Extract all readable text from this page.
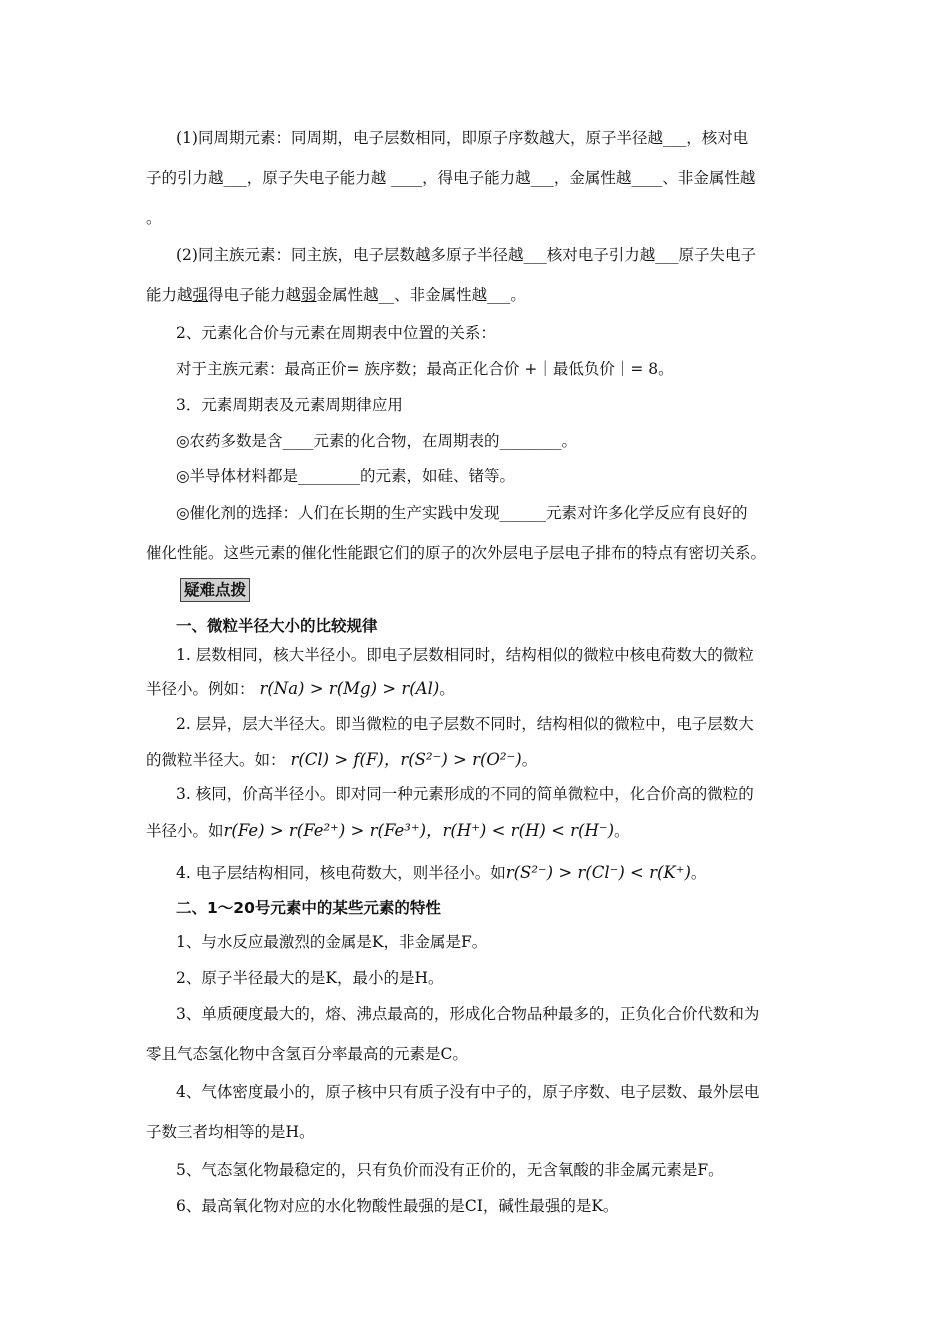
(1)同周期元素：同周期，电子层数相同，即原子序数越大，原子半径越___，核对电
子的引力越___，原子失电子能力越 ____，得电子能力越___，金属性越____、非金属性越
。
(2)同主族元素：同主族，电子层数越多原子半径越___核对电子引力越___原子失电子
能力越强得电子能力越弱金属性越__、非金属性越___。
2、元素化合价与元素在周期表中位置的关系：
对于主族元素：最高正价= 族序数；最高正化合价 +｜最低负价｜= 8。
3．元素周期表及元素周期律应用
◎农药多数是含____元素的化合物，在周期表的________。
◎半导体材料都是________的元素，如硅、锗等。
◎催化剂的选择：人们在长期的生产实践中发现______元素对许多化学反应有良好的
催化性能。这些元素的催化性能跟它们的原子的次外层电子层电子排布的特点有密切关系。
疑难点拨
一、微粒半径大小的比较规律
1. 层数相同，核大半径小。即电子层数相同时，结构相似的微粒中核电荷数大的微粒
半径小。例如： r(Na) > r(Mg) > r(Al)。
2. 层异，层大半径大。即当微粒的电子层数不同时，结构相似的微粒中，电子层数大
的微粒半径大。如： r(Cl) > f(F)，r(S²⁻) > r(O²⁻)。
3. 核同，价高半径小。即对同一种元素形成的不同的简单微粒中，化合价高的微粒的
半径小。如r(Fe) > r(Fe²⁺) > r(Fe³⁺)，r(H⁺) < r(H) < r(H⁻)。
4. 电子层结构相同，核电荷数大，则半径小。如r(S²⁻) > r(Cl⁻) < r(K⁺)。
二、1～20号元素中的某些元素的特性
1、与水反应最激烈的金属是K，非金属是F。
2、原子半径最大的是K，最小的是H。
3、单质硬度最大的，熔、沸点最高的，形成化合物品种最多的，正负化合价代数和为
零且气态氢化物中含氢百分率最高的元素是C。
4、气体密度最小的，原子核中只有质子没有中子的，原子序数、电子层数、最外层电
子数三者均相等的是H。
5、气态氢化物最稳定的，只有负价而没有正价的，无含氧酸的非金属元素是F。
6、最高氧化物对应的水化物酸性最强的是CI，碱性最强的是K。
